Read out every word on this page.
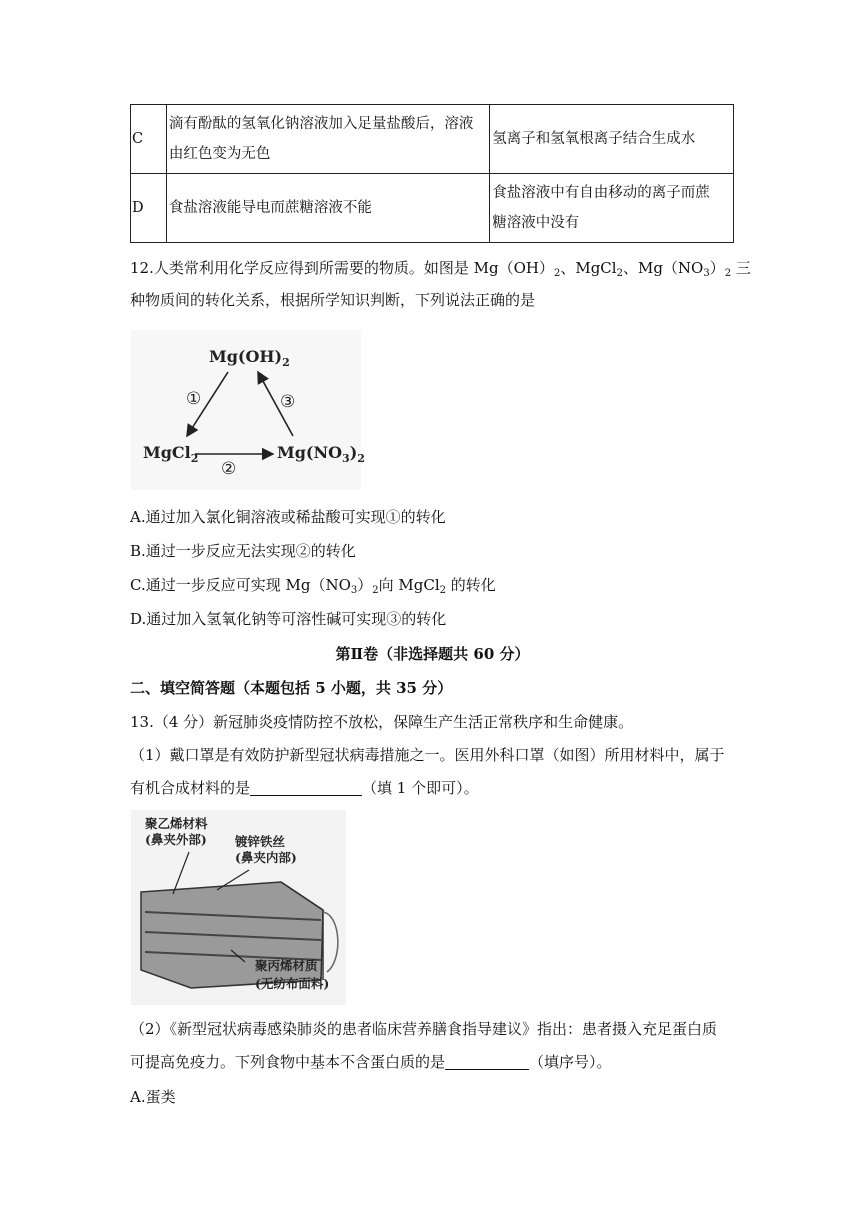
C	滴有酚酞的氢氧化钠溶液加入足量盐酸后，溶液
由红色变为无色	氢离子和氢氧根离子结合生成水

D	食盐溶液能导电而蔗糖溶液不能	食盐溶液中有自由移动的离子而蔗
糖溶液中没有
12.人类常利用化学反应得到所需要的物质。如图是 $Mg(OH)_2$、MgCl$_2$、$Mg(NO_3)_2$ 三
种物质间的转化关系，根据所学知识判断，下列说法正确的是
$Mg(OH)_2$
MgCl$_2$	$Mg(NO_3)_2$
①	③
②
A.通过加入氯化铜溶液或稀盐酸可实现①的转化
B.通过一步反应无法实现②的转化
C.通过一步反应可实现 $Mg(NO_3)_2$向 MgCl$_2$ 的转化
D.通过加入氢氧化钠等可溶性碱可实现③的转化
第Ⅱ卷（非选择题共 60 分）
二、填空简答题（本题包括 5 小题，共 35 分）
13.（4 分）新冠肺炎疫情防控不放松，保障生产生活正常秩序和生命健康。
（1）戴口罩是有效防护新型冠状病毒措施之一。医用外科口罩（如图）所用材料中，属于
有机合成材料的是	（填 1 个即可）。
聚乙烯材料
(鼻夹外部) 镀锌铁丝
(鼻夹内部)
聚丙烯材质
(无纺布面料)
（2）《新型冠状病毒感染肺炎的患者临床营养膳食指导建议》指出：患者摄入充足蛋白质
可提高免疫力。下列食物中基本不含蛋白质的是	（填序号）。
A.蛋类
